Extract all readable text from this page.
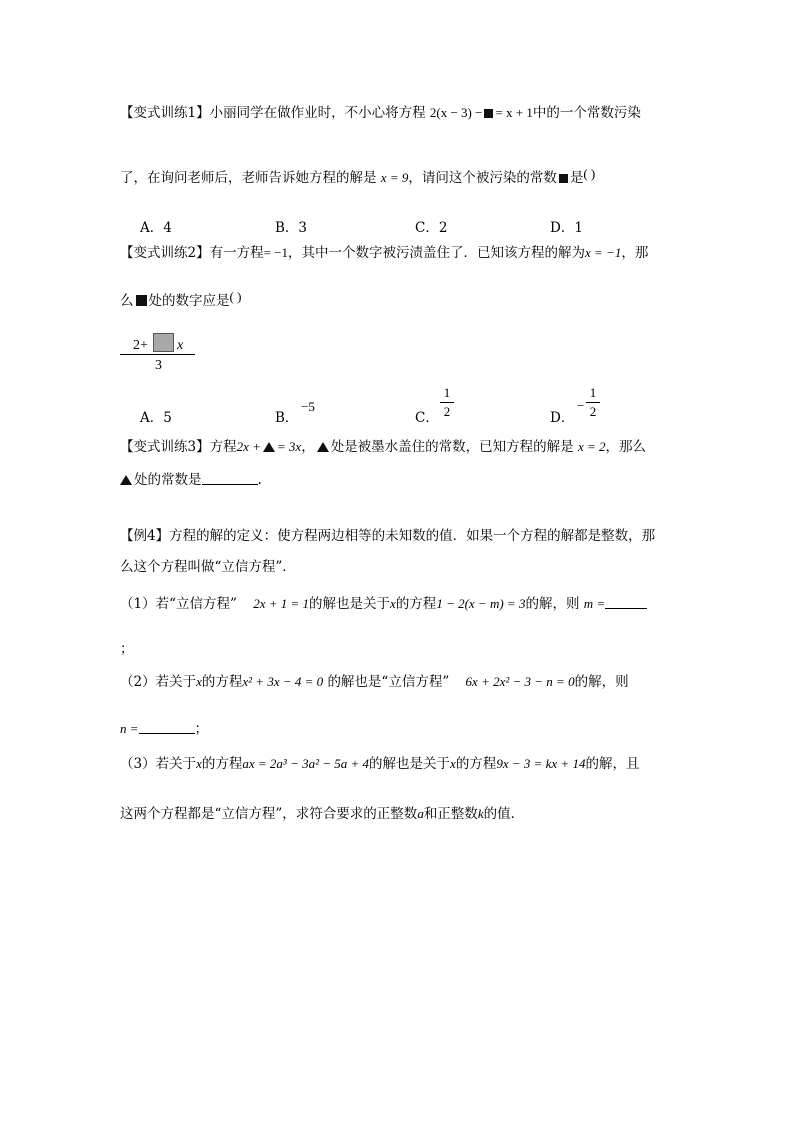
【变式训练1】小丽同学在做作业时，不小心将方程 2(x − 3) − = x + 1中的一个常数污染
了，在询问老师后，老师告诉她方程的解是 x = 9，请问这个被污染的常数 是( )
A．4	B．3	C．2	D．1
【变式训练2】有一方程= −1，其中一个数字被污渍盖住了．已知该方程的解为x = −1，那
么 处的数字应是( )
2+ x
3
A．5	B．
−5
C．
1
2	D．
−
1
2
【变式训练3】方程2x + = 3x， 处是被墨水盖住的常数，已知方程的解是 x = 2，那么
处的常数是	.
【例4】方程的解的定义：使方程两边相等的未知数的值．如果一个方程的解都是整数，那
么这个方程叫做“立信方程”．
（1）若“立信方程” 2x + 1 = 1的解也是关于x的方程1 − 2(x − m) = 3的解，则 m =
；
（2）若关于x的方程x² + 3x − 4 = 0 的解也是“立信方程” 6x + 2x² − 3 − n = 0的解，则
n =	；
（3）若关于x的方程ax = 2a³ − 3a² − 5a + 4的解也是关于x的方程9x − 3 = kx + 14的解，且
这两个方程都是“立信方程”，求符合要求的正整数a和正整数k的值．
